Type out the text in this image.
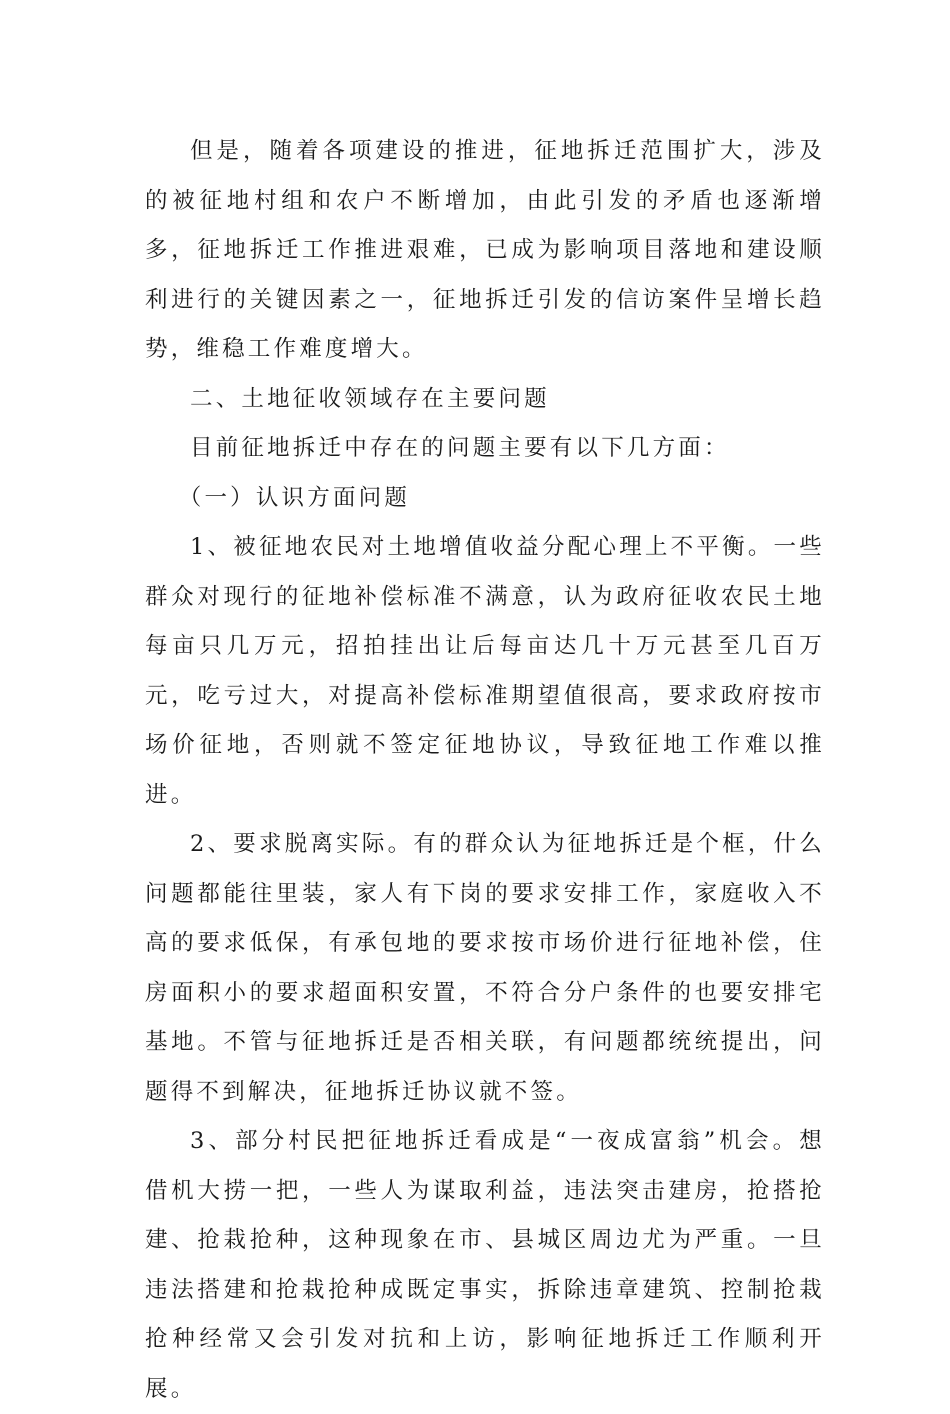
但是，随着各项建设的推进，征地拆迁范围扩大，涉及的被征地村组和农户不断增加，由此引发的矛盾也逐渐增多，征地拆迁工作推进艰难，已成为影响项目落地和建设顺利进行的关键因素之一，征地拆迁引发的信访案件呈增长趋势，维稳工作难度增大。

二、土地征收领域存在主要问题

目前征地拆迁中存在的问题主要有以下几方面：

（一）认识方面问题

1、被征地农民对土地增值收益分配心理上不平衡。一些群众对现行的征地补偿标准不满意，认为政府征收农民土地每亩只几万元，招拍挂出让后每亩达几十万元甚至几百万元，吃亏过大，对提高补偿标准期望值很高，要求政府按市场价征地，否则就不签定征地协议，导致征地工作难以推进。

2、要求脱离实际。有的群众认为征地拆迁是个框，什么问题都能往里装，家人有下岗的要求安排工作，家庭收入不高的要求低保，有承包地的要求按市场价进行征地补偿，住房面积小的要求超面积安置，不符合分户条件的也要安排宅基地。不管与征地拆迁是否相关联，有问题都统统提出，问题得不到解决，征地拆迁协议就不签。

3、部分村民把征地拆迁看成是“一夜成富翁”机会。想借机大捞一把，一些人为谋取利益，违法突击建房，抢搭抢建、抢栽抢种，这种现象在市、县城区周边尤为严重。一旦违法搭建和抢栽抢种成既定事实，拆除违章建筑、控制抢栽抢种经常又会引发对抗和上访，影响征地拆迁工作顺利开展。
